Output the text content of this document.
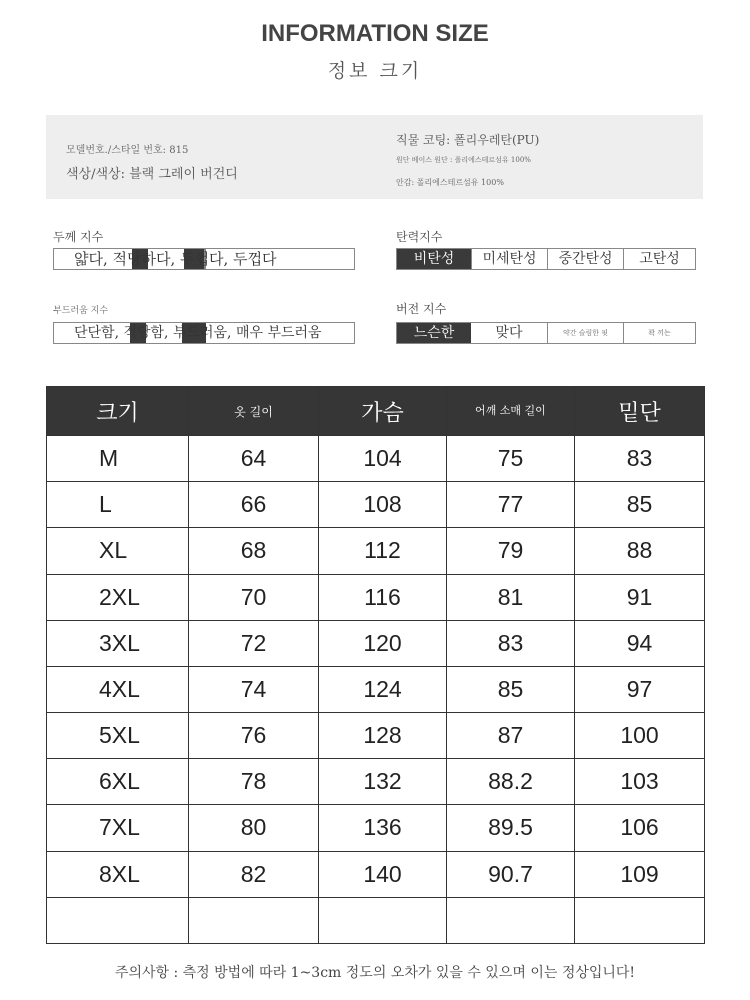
INFORMATION SIZE
정보 크기
모델번호./스타일 번호: 815
색상/색상: 블랙 그레이 버건디
직물 코팅: 폴리우레탄(PU)
원단 베이스 원단 : 폴리에스테르섬유 100%
안감: 폴리에스테르섬유 100%
두께 지수
얇다, 적당하다, 두껍다, 두껍다
탄력지수
비탄성	미세탄성	중간탄성	고탄성
부드러움 지수
단단함, 적당함, 부드러움, 매우 부드러움
버전 지수
느슨한	맞다	약간 슬림한 핏	꽉 끼는
크기	옷 길이	가슴	어깨 소매 길이	밑단
M	64	104	75	83
L	66	108	77	85
XL	68	112	79	88
2XL	70	116	81	91
3XL	72	120	83	94
4XL	74	124	85	97
5XL	76	128	87	100
6XL	78	132	88.2	103
7XL	80	136	89.5	106
8XL	82	140	90.7	109

주의사항 : 측정 방법에 따라 1~3cm 정도의 오차가 있을 수 있으며 이는 정상입니다!
